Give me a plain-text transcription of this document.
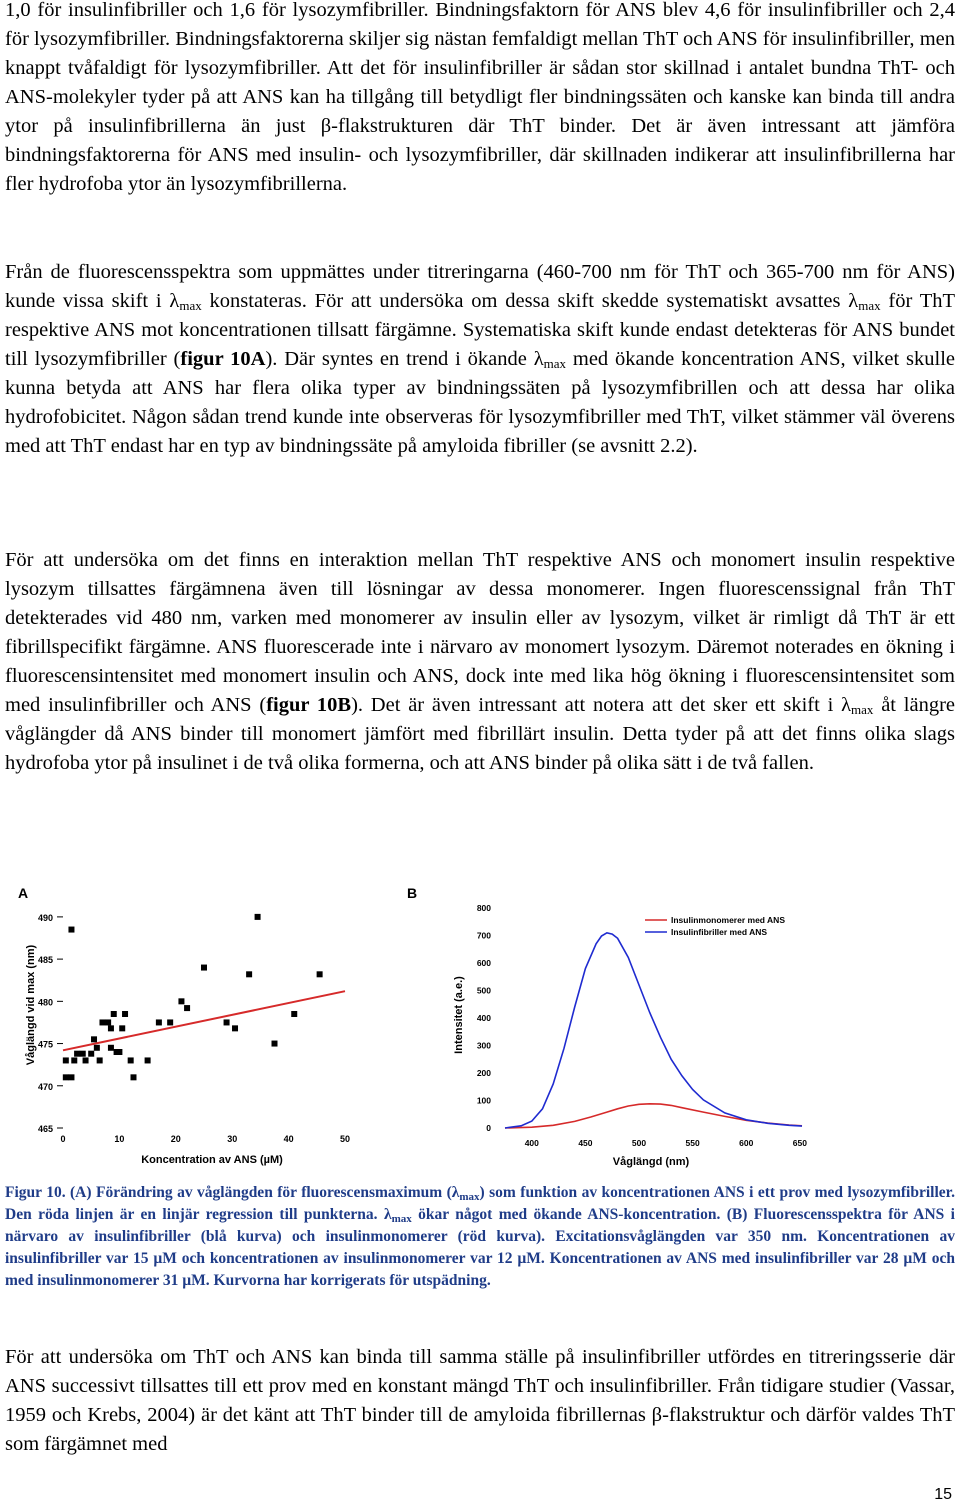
1,0 för insulinfibriller och 1,6 för lysozymfibriller. Bindningsfaktorn för ANS blev 4,6 för insulinfibriller och 2,4 för lysozymfibriller. Bindningsfaktorerna skiljer sig nästan femfaldigt mellan ThT och ANS för insulinfibriller, men knappt tvåfaldigt för lysozymfibriller. Att det för insulinfibriller är sådan stor skillnad i antalet bundna ThT- och ANS-molekyler tyder på att ANS kan ha tillgång till betydligt fler bindningssäten och kanske kan binda till andra ytor på insulinfibrillerna än just β-flakstrukturen där ThT binder. Det är även intressant att jämföra bindningsfaktorerna för ANS med insulin- och lysozymfibriller, där skillnaden indikerar att insulinfibrillerna har fler hydrofoba ytor än lysozymfibrillerna.

Från de fluorescensspektra som uppmättes under titreringarna (460-700 nm för ThT och 365-700 nm för ANS) kunde vissa skift i $\lambda_{max}$ konstateras. För att undersöka om dessa skift skedde systematiskt avsattes $\lambda_{max}$ för ThT respektive ANS mot koncentrationen tillsatt färgämne. Systematiska skift kunde endast detekteras för ANS bundet till lysozymfibriller (figur 10A). Där syntes en trend i ökande $\lambda_{max}$ med ökande koncentration ANS, vilket skulle kunna betyda att ANS har flera olika typer av bindningssäten på lysozymfibrillen och att dessa har olika hydrofobicitet. Någon sådan trend kunde inte observeras för lysozymfibriller med ThT, vilket stämmer väl överens med att ThT endast har en typ av bindningssäte på amyloida fibriller (se avsnitt 2.2).

För att undersöka om det finns en interaktion mellan ThT respektive ANS och monomert insulin respektive lysozym tillsattes färgämnena även till lösningar av dessa monomerer. Ingen fluorescenssignal från ThT detekterades vid 480 nm, varken med monomerer av insulin eller av lysozym, vilket är rimligt då ThT är ett fibrillspecifikt färgämne. ANS fluorescerade inte i närvaro av monomert lysozym. Däremot noterades en ökning i fluorescensintensitet med monomert insulin och ANS, dock inte med lika hög ökning i fluorescensintensitet som med insulinfibriller och ANS (figur 10B). Det är även intressant att notera att det sker ett skift i $\lambda_{max}$ åt längre våglängder då ANS binder till monomert jämfört med fibrillärt insulin. Detta tyder på att det finns olika slags hydrofoba ytor på insulinet i de två olika formerna, och att ANS binder på olika sätt i de två fallen.

A
465
470
475
480
485
490
0	10	20	30	40	50
Koncentration av ANS (µM)
Våglängd vid max (nm)
B
0
100
200
300
400
500
600
700
800
400	450	500	550	600	650
Insulinmonomerer med ANS
Insulinfibriller med ANS
Våglängd (nm)
Intensitet (a.e.)

Figur 10. (A) Förändring av våglängden för fluorescensmaximum $(\lambda_{max})$ som funktion av koncentrationen ANS i ett prov med lysozymfibriller. Den röda linjen är en linjär regression till punkterna. $\lambda_{max}$ ökar något med ökande ANS-koncentration. (B) Fluorescensspektra för ANS i närvaro av insulinfibriller (blå kurva) och insulinmonomerer (röd kurva). Excitationsvåglängden var 350 nm. Koncentrationen av insulinfibriller var 15 µM och koncentrationen av insulinmonomerer var 12 µM. Koncentrationen av ANS med insulinfibriller var 28 µM och med insulinmonomerer 31 µM. Kurvorna har korrigerats för utspädning.

För att undersöka om ThT och ANS kan binda till samma ställe på insulinfibriller utfördes en titreringsserie där ANS successivt tillsattes till ett prov med en konstant mängd ThT och insulinfibriller. Från tidigare studier (Vassar, 1959 och Krebs, 2004) är det känt att ThT binder till de amyloida fibrillernas β-flakstruktur och därför valdes ThT som färgämnet med

15
